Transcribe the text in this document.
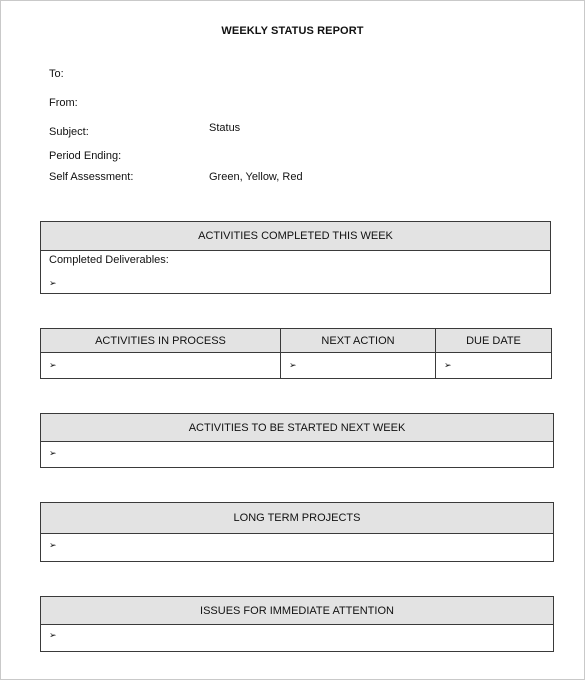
WEEKLY STATUS REPORT
To:
From:
Subject:	Status
Period Ending:
Self Assessment:	Green, Yellow, Red
ACTIVITIES COMPLETED THIS WEEK
Completed Deliverables:
➢
ACTIVITIES IN PROCESS
➢
NEXT ACTION
➢
DUE DATE
➢
ACTIVITIES TO BE STARTED NEXT WEEK
➢
LONG TERM PROJECTS
➢
ISSUES FOR IMMEDIATE ATTENTION
➢
